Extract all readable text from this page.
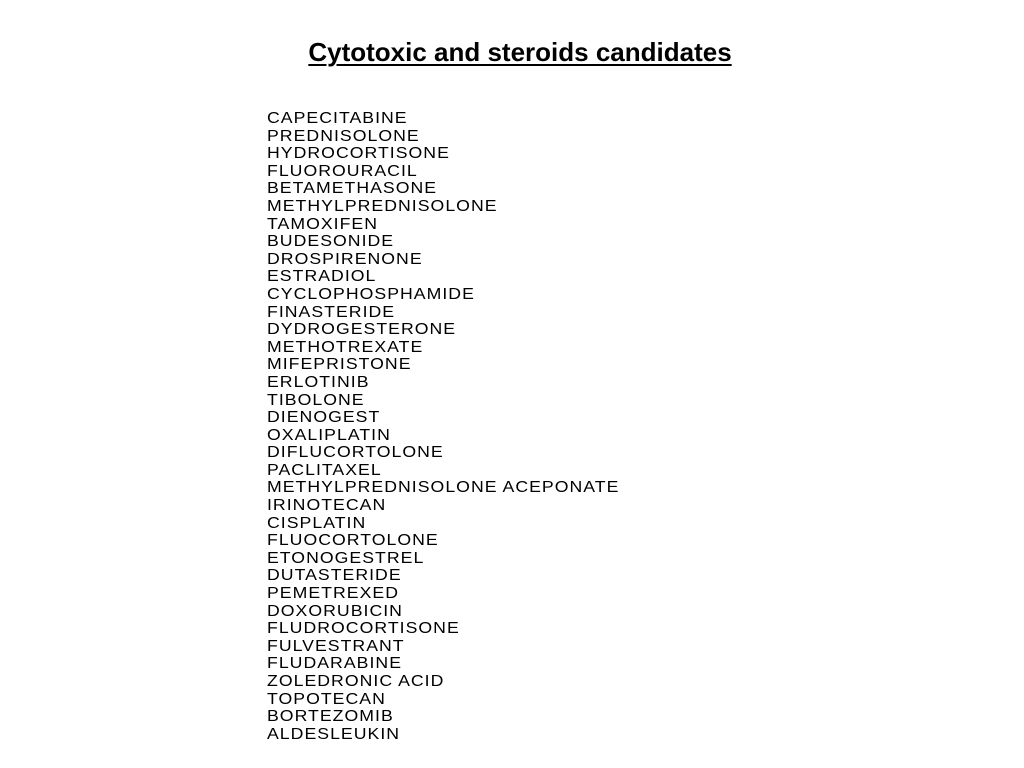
Cytotoxic and steroids candidates
CAPECITABINE
PREDNISOLONE
HYDROCORTISONE
FLUOROURACIL
BETAMETHASONE
METHYLPREDNISOLONE
TAMOXIFEN
BUDESONIDE
DROSPIRENONE
ESTRADIOL
CYCLOPHOSPHAMIDE
FINASTERIDE
DYDROGESTERONE
METHOTREXATE
MIFEPRISTONE
ERLOTINIB
TIBOLONE
DIENOGEST
OXALIPLATIN
DIFLUCORTOLONE
PACLITAXEL
METHYLPREDNISOLONE ACEPONATE
IRINOTECAN
CISPLATIN
FLUOCORTOLONE
ETONOGESTREL
DUTASTERIDE
PEMETREXED
DOXORUBICIN
FLUDROCORTISONE
FULVESTRANT
FLUDARABINE
ZOLEDRONIC ACID
TOPOTECAN
BORTEZOMIB
ALDESLEUKIN
